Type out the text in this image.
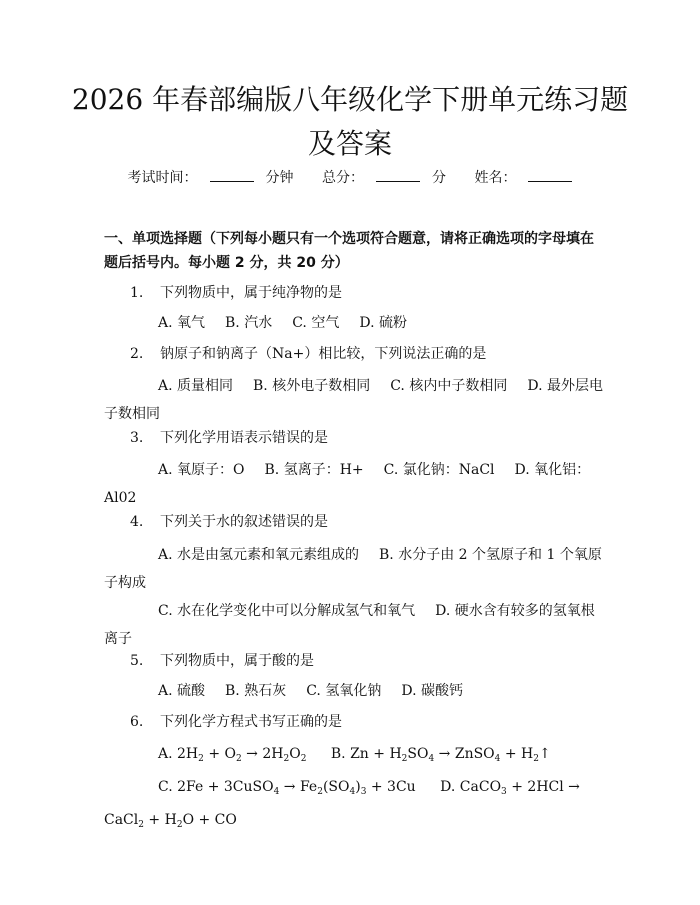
2026 年春部编版八年级化学下册单元练习题
及答案
考试时间：	分钟 总分：	分 姓名：
一、单项选择题（下列每小题只有一个选项符合题意，请将正确选项的字母填在题后括号内。每小题 2 分，共 20 分）
1. 下列物质中，属于纯净物的是
A. 氧气 B. 汽水 C. 空气 D. 硫粉
2. 钠原子和钠离子（Na+）相比较，下列说法正确的是
A. 质量相同 B. 核外电子数相同 C. 核内中子数相同 D. 最外层电子数相同
3. 下列化学用语表示错误的是
A. 氧原子：O B. 氢离子：H+ C. 氯化钠：NaCl D. 氧化铝：Al02
4. 下列关于水的叙述错误的是
A. 水是由氢元素和氧元素组成的 B. 水分子由 2 个氢原子和 1 个氧原子构成
C. 水在化学变化中可以分解成氢气和氧气 D. 硬水含有较多的氢氧根离子
5. 下列物质中，属于酸的是
A. 硫酸 B. 熟石灰 C. 氢氧化钠 D. 碳酸钙
6. 下列化学方程式书写正确的是
A. $2H_2 + O_2 \to 2H_2O_2$ B. $Zn + H_2SO_4$ → ZnSO$_4$ + $H_2↑$
C. 2Fe + 3CuSO$_4$ → $Fe_2(SO_4)_3 + 3Cu$ D. CaCO$_3$ + 2HCl → CaCl$_2$ + $H_2O$ + CO
